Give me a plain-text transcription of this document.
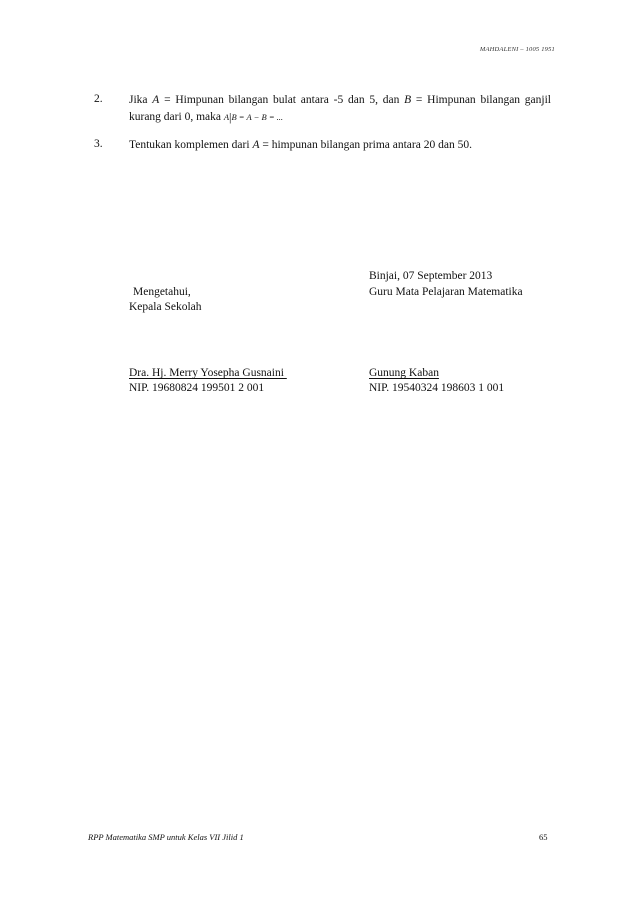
MAHDALENI – 1005 1951
2. Jika A = Himpunan bilangan bulat antara -5 dan 5, dan B = Himpunan bilangan ganjil
kurang dari 0, maka A|B = A − B = ...
3. Tentukan komplemen dari A = himpunan bilangan prima antara 20 dan 50.
Binjai, 07 September 2013
Mengetahui,	Guru Mata Pelajaran Matematika
Kepala Sekolah
Dra. Hj. Merry Yosepha Gusnaini	Gunung Kaban
NIP. 19680824 199501 2 001	NIP. 19540324 198603 1 001
RPP Matematika SMP untuk Kelas VII Jilid 1	65
